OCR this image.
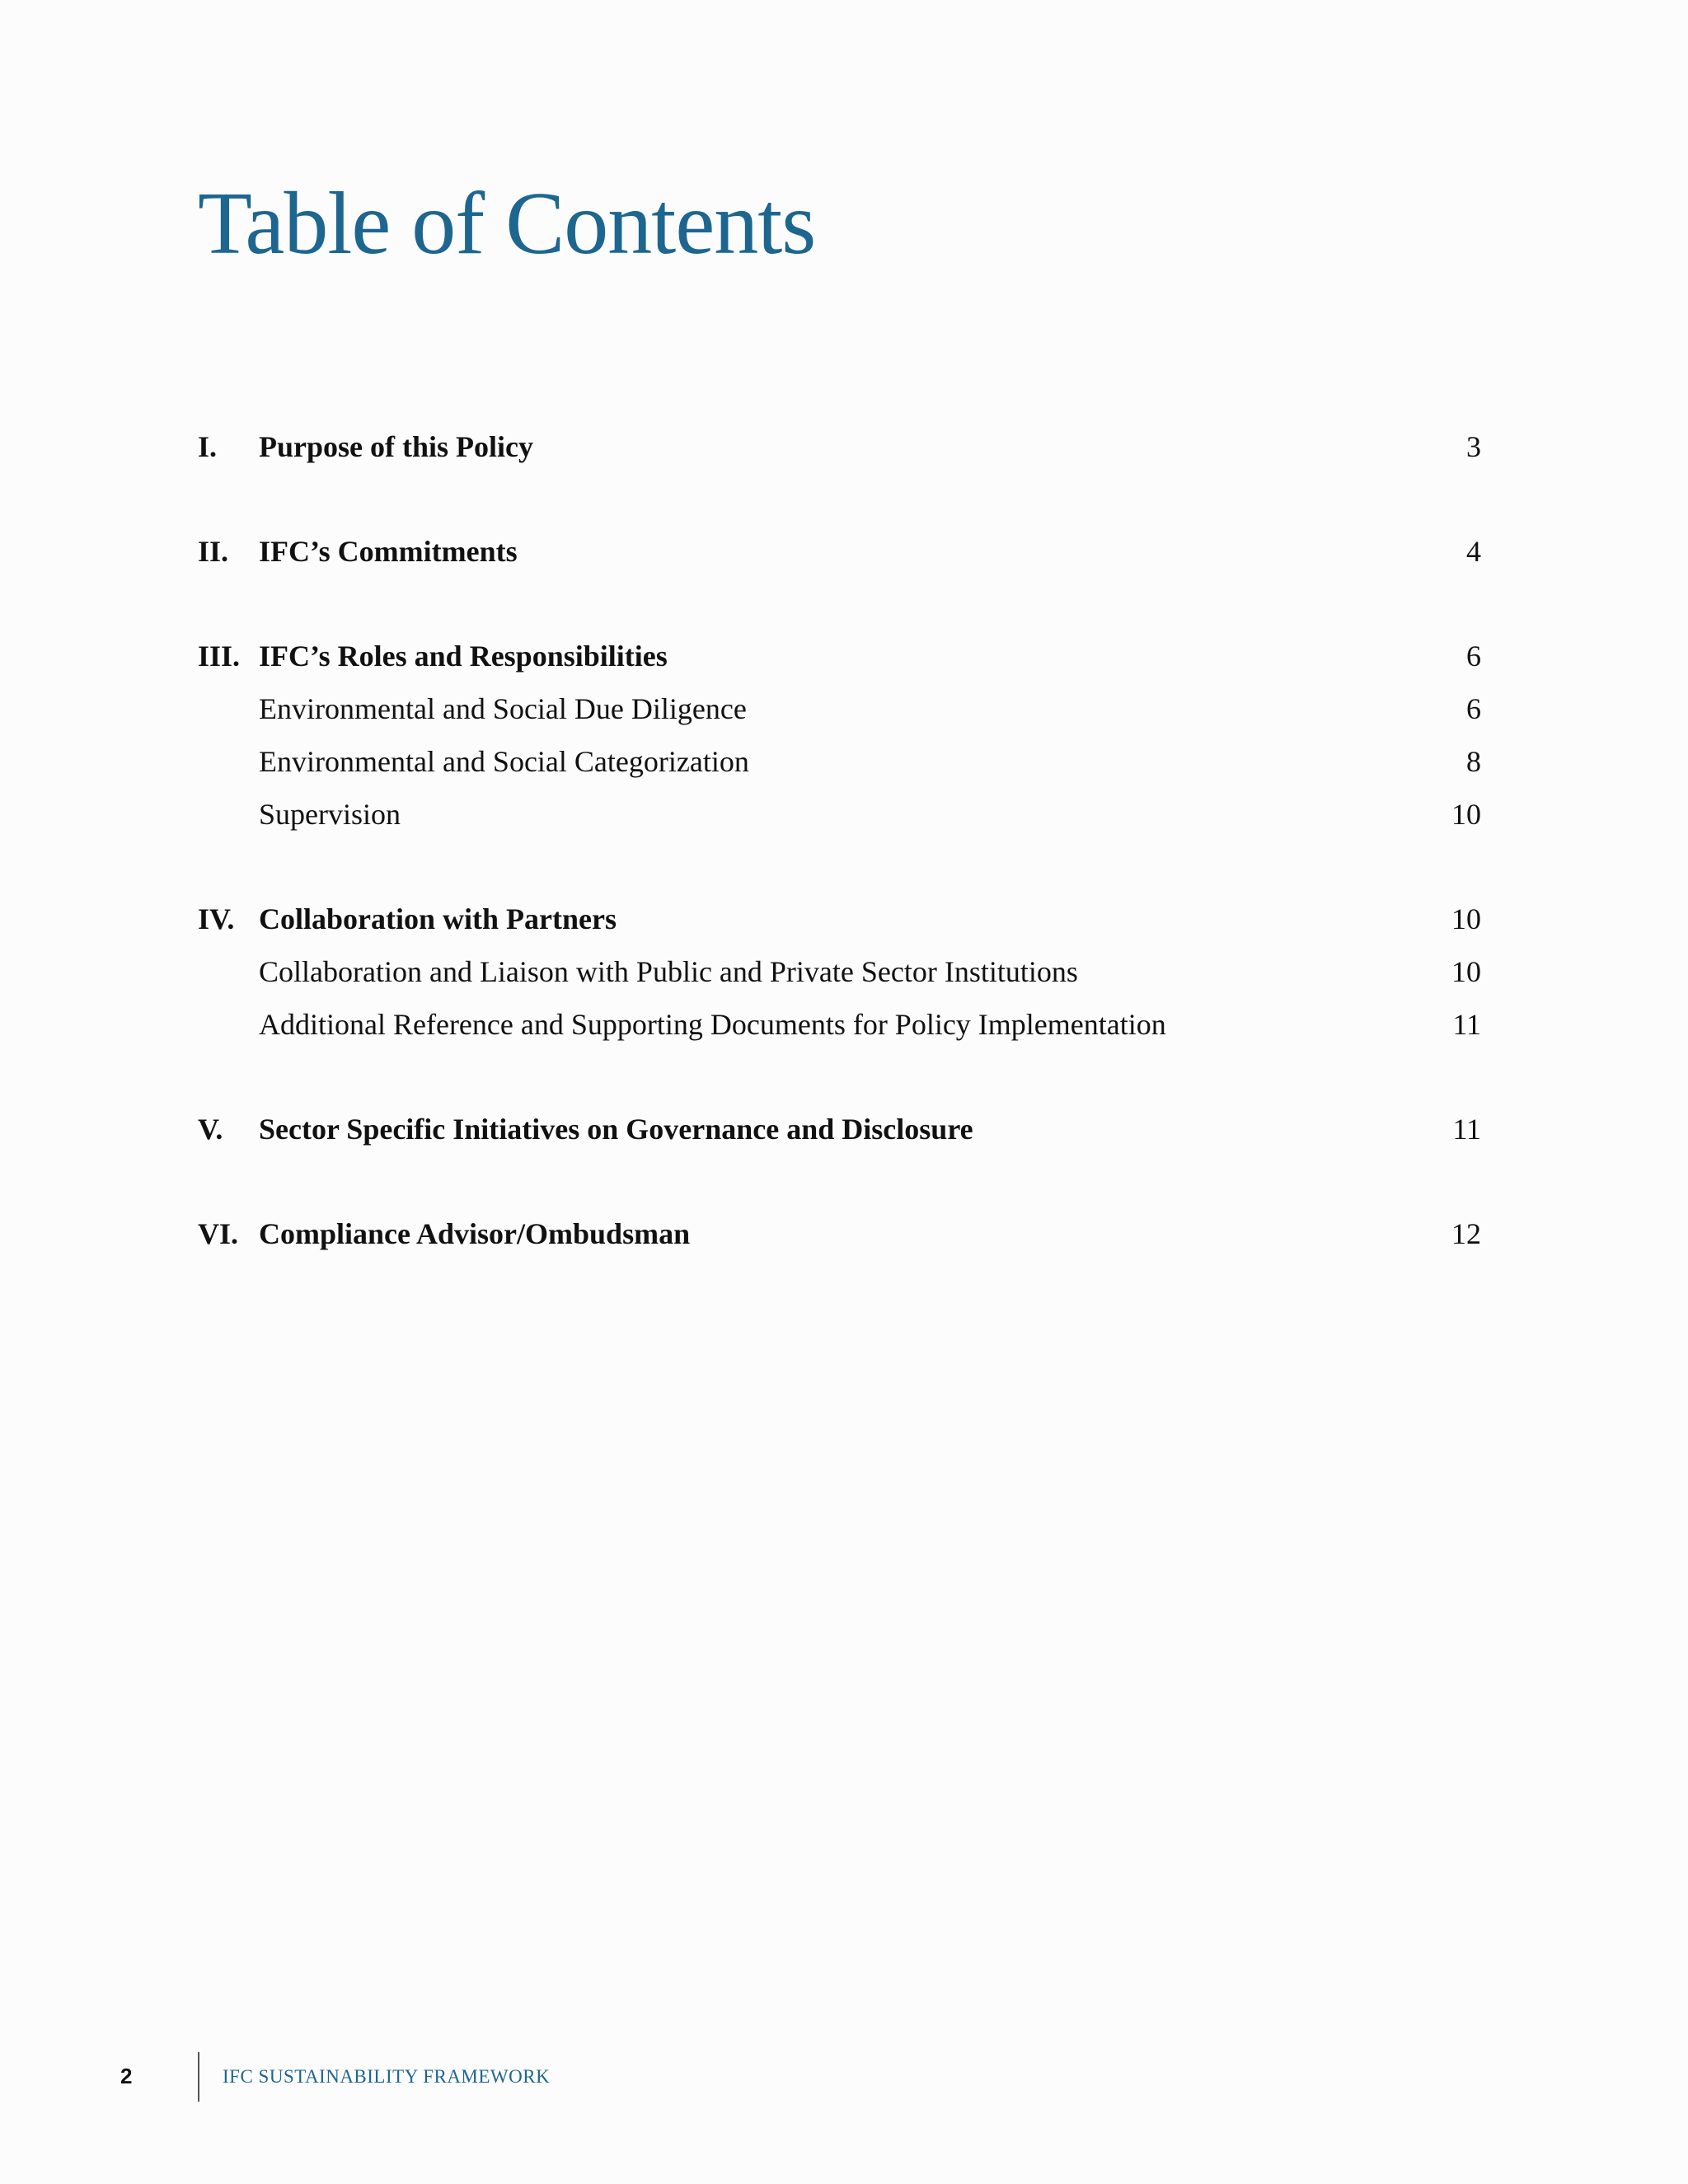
Table of Contents
I. Purpose of this Policy	3
II. IFC’s Commitments	4
III. IFC’s Roles and Responsibilities	6
Environmental and Social Due Diligence	6
Environmental and Social Categorization	8
Supervision	10
IV. Collaboration with Partners	10
Collaboration and Liaison with Public and Private Sector Institutions	10
Additional Reference and Supporting Documents for Policy Implementation	11
V. Sector Specific Initiatives on Governance and Disclosure	11
VI. Compliance Advisor/Ombudsman	12
2	IFC SUSTAINABILITY FRAMEWORK
